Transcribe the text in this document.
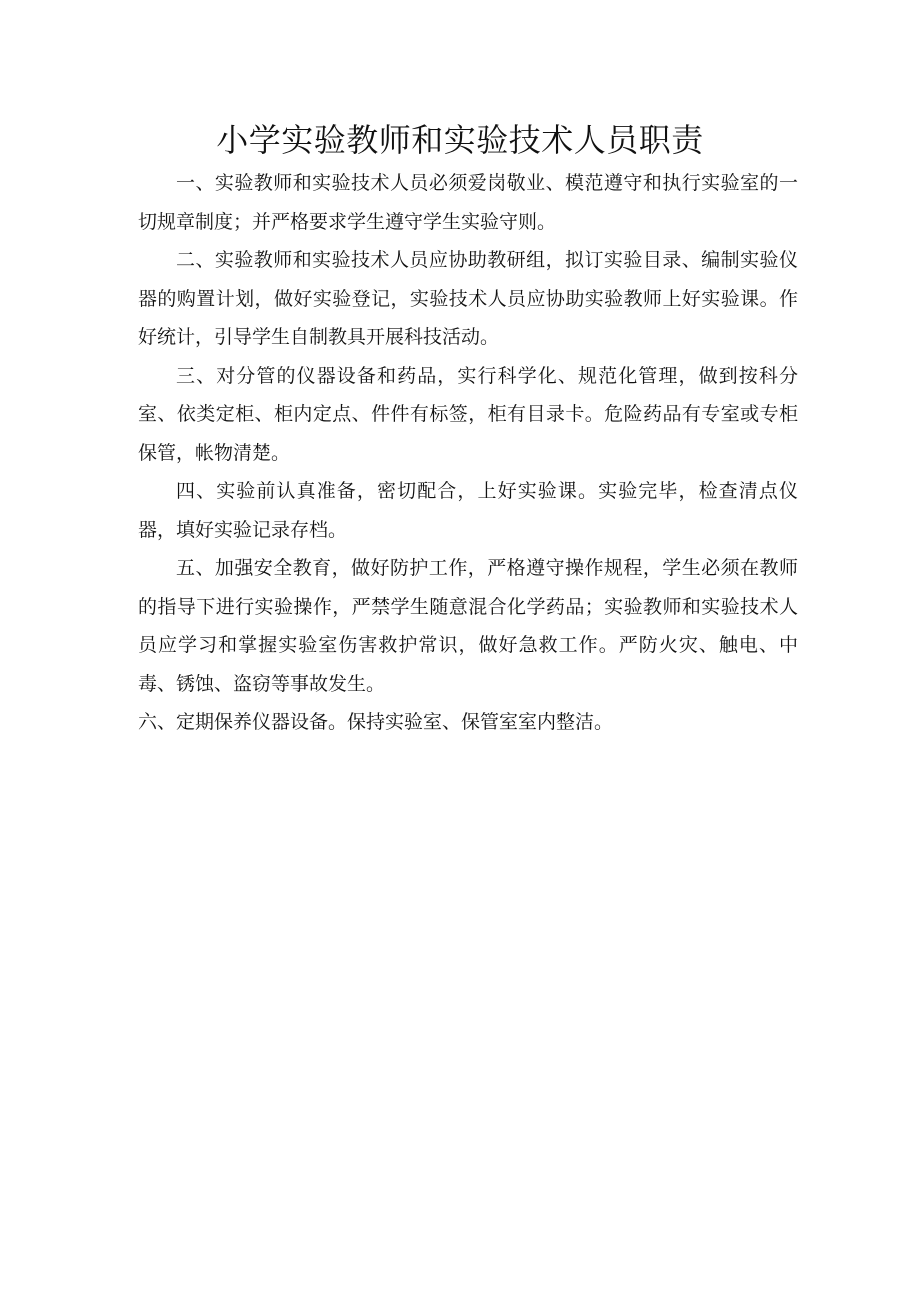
小学实验教师和实验技术人员职责

一、实验教师和实验技术人员必须爱岗敬业、模范遵守和执行实验室的一切规章制度；并严格要求学生遵守学生实验守则。

二、实验教师和实验技术人员应协助教研组，拟订实验目录、编制实验仪器的购置计划，做好实验登记，实验技术人员应协助实验教师上好实验课。作好统计，引导学生自制教具开展科技活动。

三、对分管的仪器设备和药品，实行科学化、规范化管理，做到按科分室、依类定柜、柜内定点、件件有标签，柜有目录卡。危险药品有专室或专柜保管，帐物清楚。

四、实验前认真准备，密切配合，上好实验课。实验完毕，检查清点仪器，填好实验记录存档。

五、加强安全教育，做好防护工作，严格遵守操作规程，学生必须在教师的指导下进行实验操作，严禁学生随意混合化学药品；实验教师和实验技术人员应学习和掌握实验室伤害救护常识，做好急救工作。严防火灾、触电、中毒、锈蚀、盗窃等事故发生。

六、定期保养仪器设备。保持实验室、保管室室内整洁。
